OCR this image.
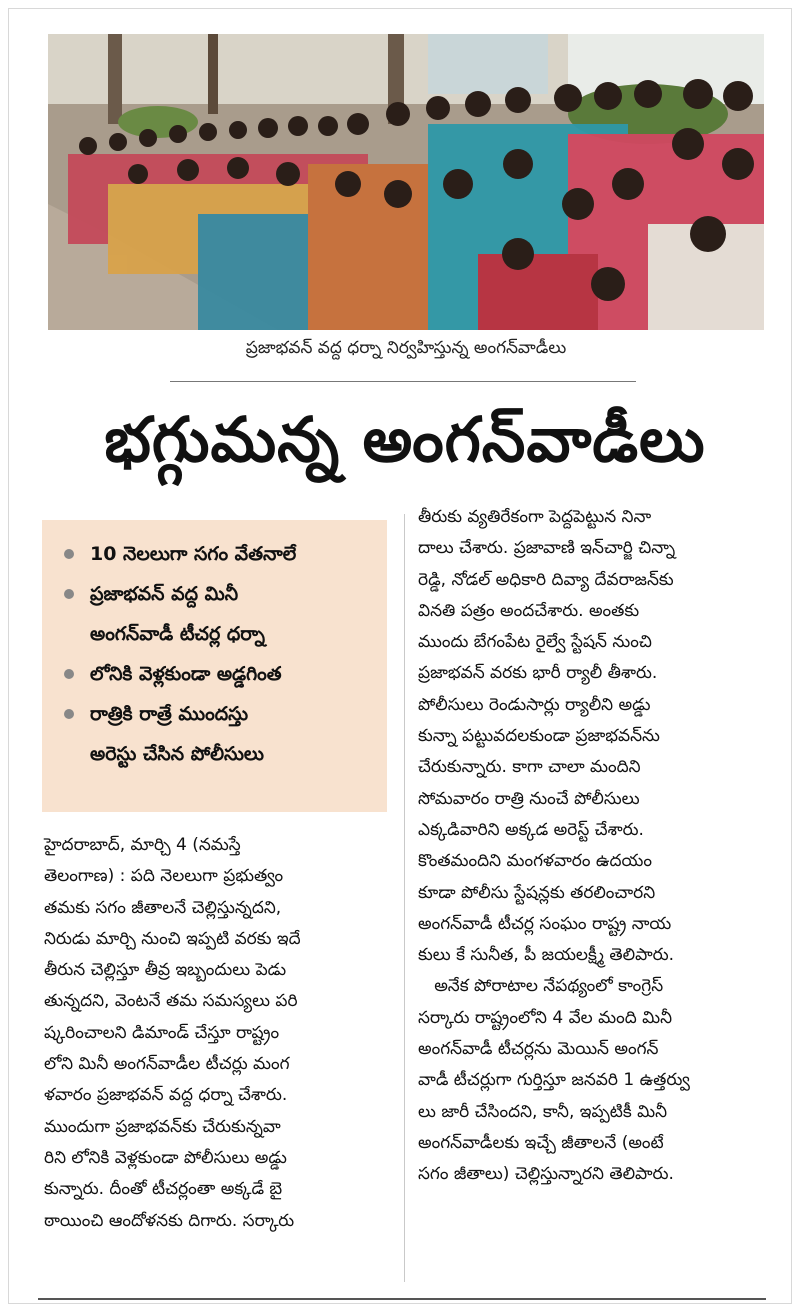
ప్రజాభవన్ వద్ద ధర్నా నిర్వహిస్తున్న అంగన్‌వాడీలు
భగ్గుమన్న అంగన్‌వాడీలు
10 నెలలుగా సగం వేతనాలే
ప్రజాభవన్ వద్ద మినీ
అంగన్‌వాడీ టీచర్ల ధర్నా
లోనికి వెళ్లకుండా అడ్డగింత
రాత్రికి రాత్రే ముందస్తు
అరెస్టు చేసిన పోలీసులు
హైదరాబాద్, మార్చి 4 (నమస్తే
తెలంగాణ) : పది నెలలుగా ప్రభుత్వం
తమకు సగం జీతాలనే చెల్లిస్తున్నదని,
నిరుడు మార్చి నుంచి ఇప్పటి వరకు ఇదే
తీరున చెల్లిస్తూ తీవ్ర ఇబ్బందులు పెడు
తున్నదని, వెంటనే తమ సమస్యలు పరి
ష్కరించాలని డిమాండ్ చేస్తూ రాష్ట్రం
లోని మినీ అంగన్‌వాడీల టీచర్లు మంగ
ళవారం ప్రజాభవన్ వద్ద ధర్నా చేశారు.
ముందుగా ప్రజాభవన్‌కు చేరుకున్నవా
రిని లోనికి వెళ్లకుండా పోలీసులు అడ్డు
కున్నారు. దీంతో టీచర్లంతా అక్కడే బై
ఠాయించి ఆందోళనకు దిగారు. సర్కారు
తీరుకు వ్యతిరేకంగా పెద్దపెట్టున నినా
దాలు చేశారు. ప్రజావాణి ఇన్‌చార్జి చిన్నా
రెడ్డి, నోడల్ అధికారి దివ్యా దేవరాజన్‌కు
వినతి పత్రం అందచేశారు. అంతకు
ముందు బేగంపేట రైల్వే స్టేషన్ నుంచి
ప్రజాభవన్ వరకు భారీ ర్యాలీ తీశారు.
పోలీసులు రెండుసార్లు ర్యాలీని అడ్డు
కున్నా పట్టువదలకుండా ప్రజాభవన్‌ను
చేరుకున్నారు. కాగా చాలా మందిని
సోమవారం రాత్రి నుంచే పోలీసులు
ఎక్కడివారిని అక్కడ అరెస్ట్ చేశారు.
కొంతమందిని మంగళవారం ఉదయం
కూడా పోలీసు స్టేషన్లకు తరలించారని
అంగన్‌వాడీ టీచర్ల సంఘం రాష్ట్ర నాయ
కులు కే సునీత, పీ జయలక్ష్మీ తెలిపారు.
అనేక పోరాటాల నేపథ్యంలో కాంగ్రెస్
సర్కారు రాష్ట్రంలోని 4 వేల మంది మినీ
అంగన్‌వాడీ టీచర్లను మెయిన్ అంగన్
వాడీ టీచర్లుగా గుర్తిస్తూ జనవరి 1 ఉత్తర్వు
లు జారీ చేసిందని, కానీ, ఇప్పటికీ మినీ
అంగన్‌వాడీలకు ఇచ్చే జీతాలనే (అంటే
సగం జీతాలు) చెల్లిస్తున్నారని తెలిపారు.
